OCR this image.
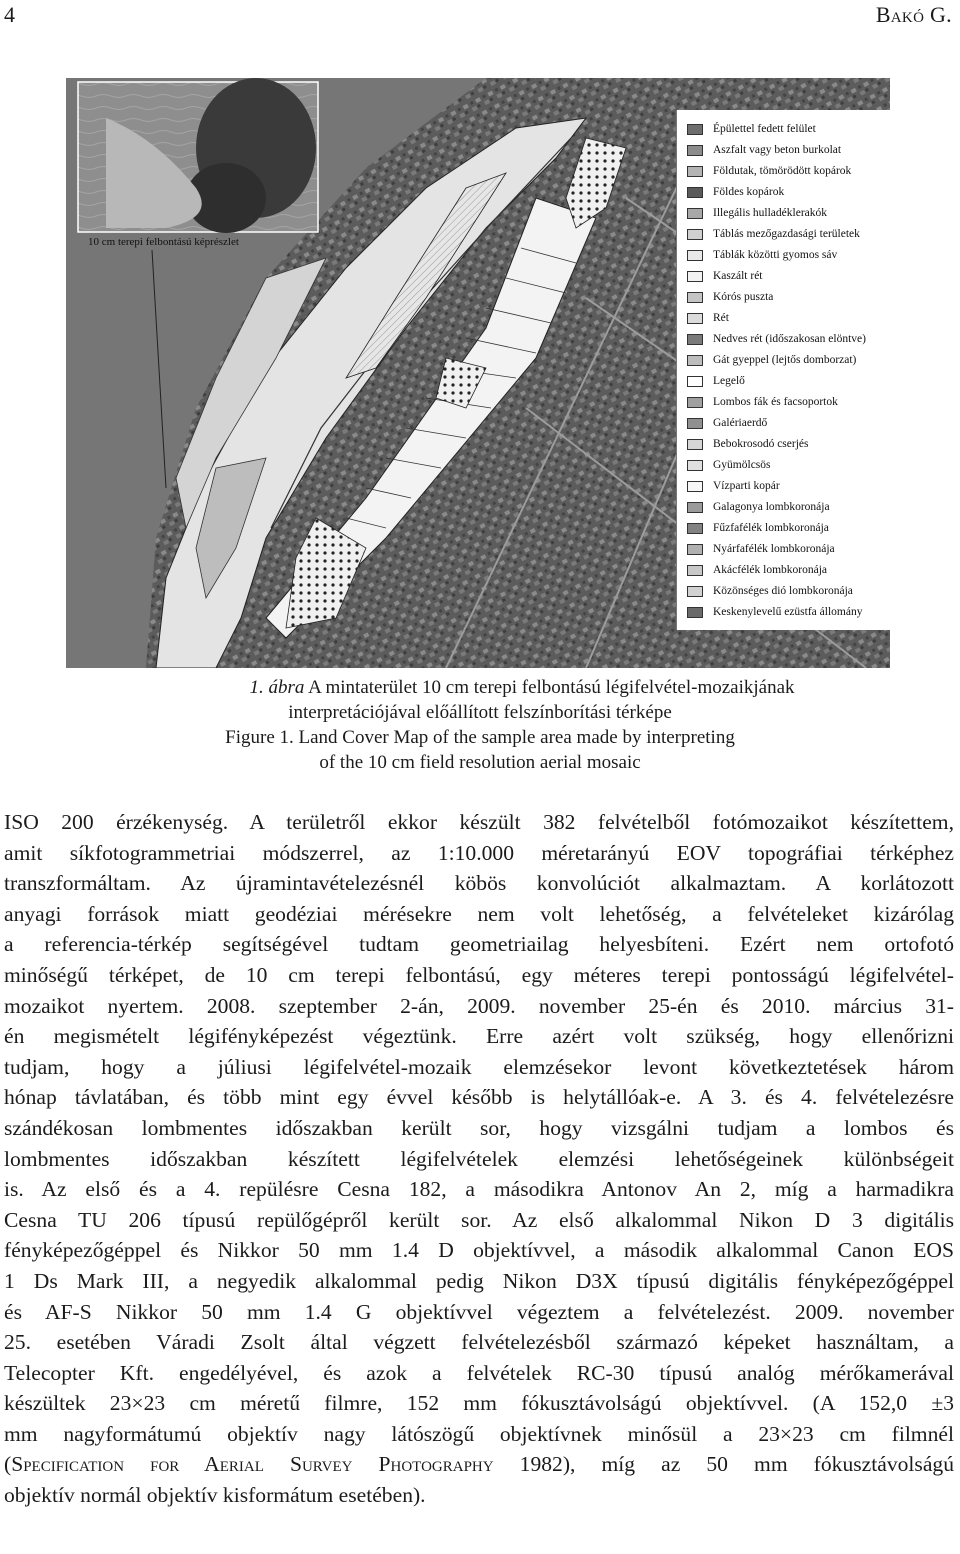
4	Bakó G.
10 cm terepi felbontású képrészlet
Épülettel fedett felület
Aszfalt vagy beton burkolat
Földutak, tömörödött kopárok
Földes kopárok
Illegális hulladéklerakók
Táblás mezőgazdasági területek
Táblák közötti gyomos sáv
Kaszált rét
Kórós puszta
Rét
Nedves rét (időszakosan elöntve)
Gát gyeppel (lejtős domborzat)
Legelő
Lombos fák és facsoportok
Galériaerdő
Bebokrosodó cserjés
Gyümölcsös
Vízparti kopár
Galagonya lombkoronája
Fűzfafélék lombkoronája
Nyárfafélék lombkoronája
Akácfélék lombkoronája
Közönséges dió lombkoronája
Keskenylevelű ezüstfa állomány
1. ábra A mintaterület 10 cm terepi felbontású légifelvétel-mozaikjának
interpretációjával előállított felszínborítási térképe
Figure 1. Land Cover Map of the sample area made by interpreting
of the 10 cm field resolution aerial mosaic
ISO 200 érzékenység. A területről ekkor készült 382 felvételből fotómozaikot készítettem,
amit síkfotogrammetriai módszerrel, az 1:10.000 méretarányú EOV topográfiai térképhez
transzformáltam. Az újramintavételezésnél köbös konvolúciót alkalmaztam. A korlátozott
anyagi források miatt geodéziai mérésekre nem volt lehetőség, a felvételeket kizárólag
a referencia-térkép segítségével tudtam geometriailag helyesbíteni. Ezért nem ortofotó
minőségű térképet, de 10 cm terepi felbontású, egy méteres terepi pontosságú légifelvétel-
mozaikot nyertem. 2008. szeptember 2-án, 2009. november 25-én és 2010. március 31-
én megismételt légifényképezést végeztünk. Erre azért volt szükség, hogy ellenőrizni
tudjam, hogy a júliusi légifelvétel-mozaik elemzésekor levont következtetések három
hónap távlatában, és több mint egy évvel később is helytállóak-e. A 3. és 4. felvételezésre
szándékosan lombmentes időszakban került sor, hogy vizsgálni tudjam a lombos és
lombmentes időszakban készített légifelvételek elemzési lehetőségeinek különbségeit
is. Az első és a 4. repülésre Cesna 182, a másodikra Antonov An 2, míg a harmadikra
Cesna TU 206 típusú repülőgépről került sor. Az első alkalommal Nikon D 3 digitális
fényképezőgéppel és Nikkor 50 mm 1.4 D objektívvel, a második alkalommal Canon EOS
1 Ds Mark III, a negyedik alkalommal pedig Nikon D3X típusú digitális fényképezőgéppel
és AF-S Nikkor 50 mm 1.4 G objektívvel végeztem a felvételezést. 2009. november
25. esetében Váradi Zsolt által végzett felvételezésből származó képeket használtam, a
Telecopter Kft. engedélyével, és azok a felvételek RC-30 típusú analóg mérőkamerával
készültek 23×23 cm méretű filmre, 152 mm fókusztávolságú objektívvel. (A 152,0 ±3
mm nagyformátumú objektív nagy látószögű objektívnek minősül a 23×23 cm filmnél
(Specification for Aerial Survey Photography 1982), míg az 50 mm fókusztávolságú
objektív normál objektív kisformátum esetében).
